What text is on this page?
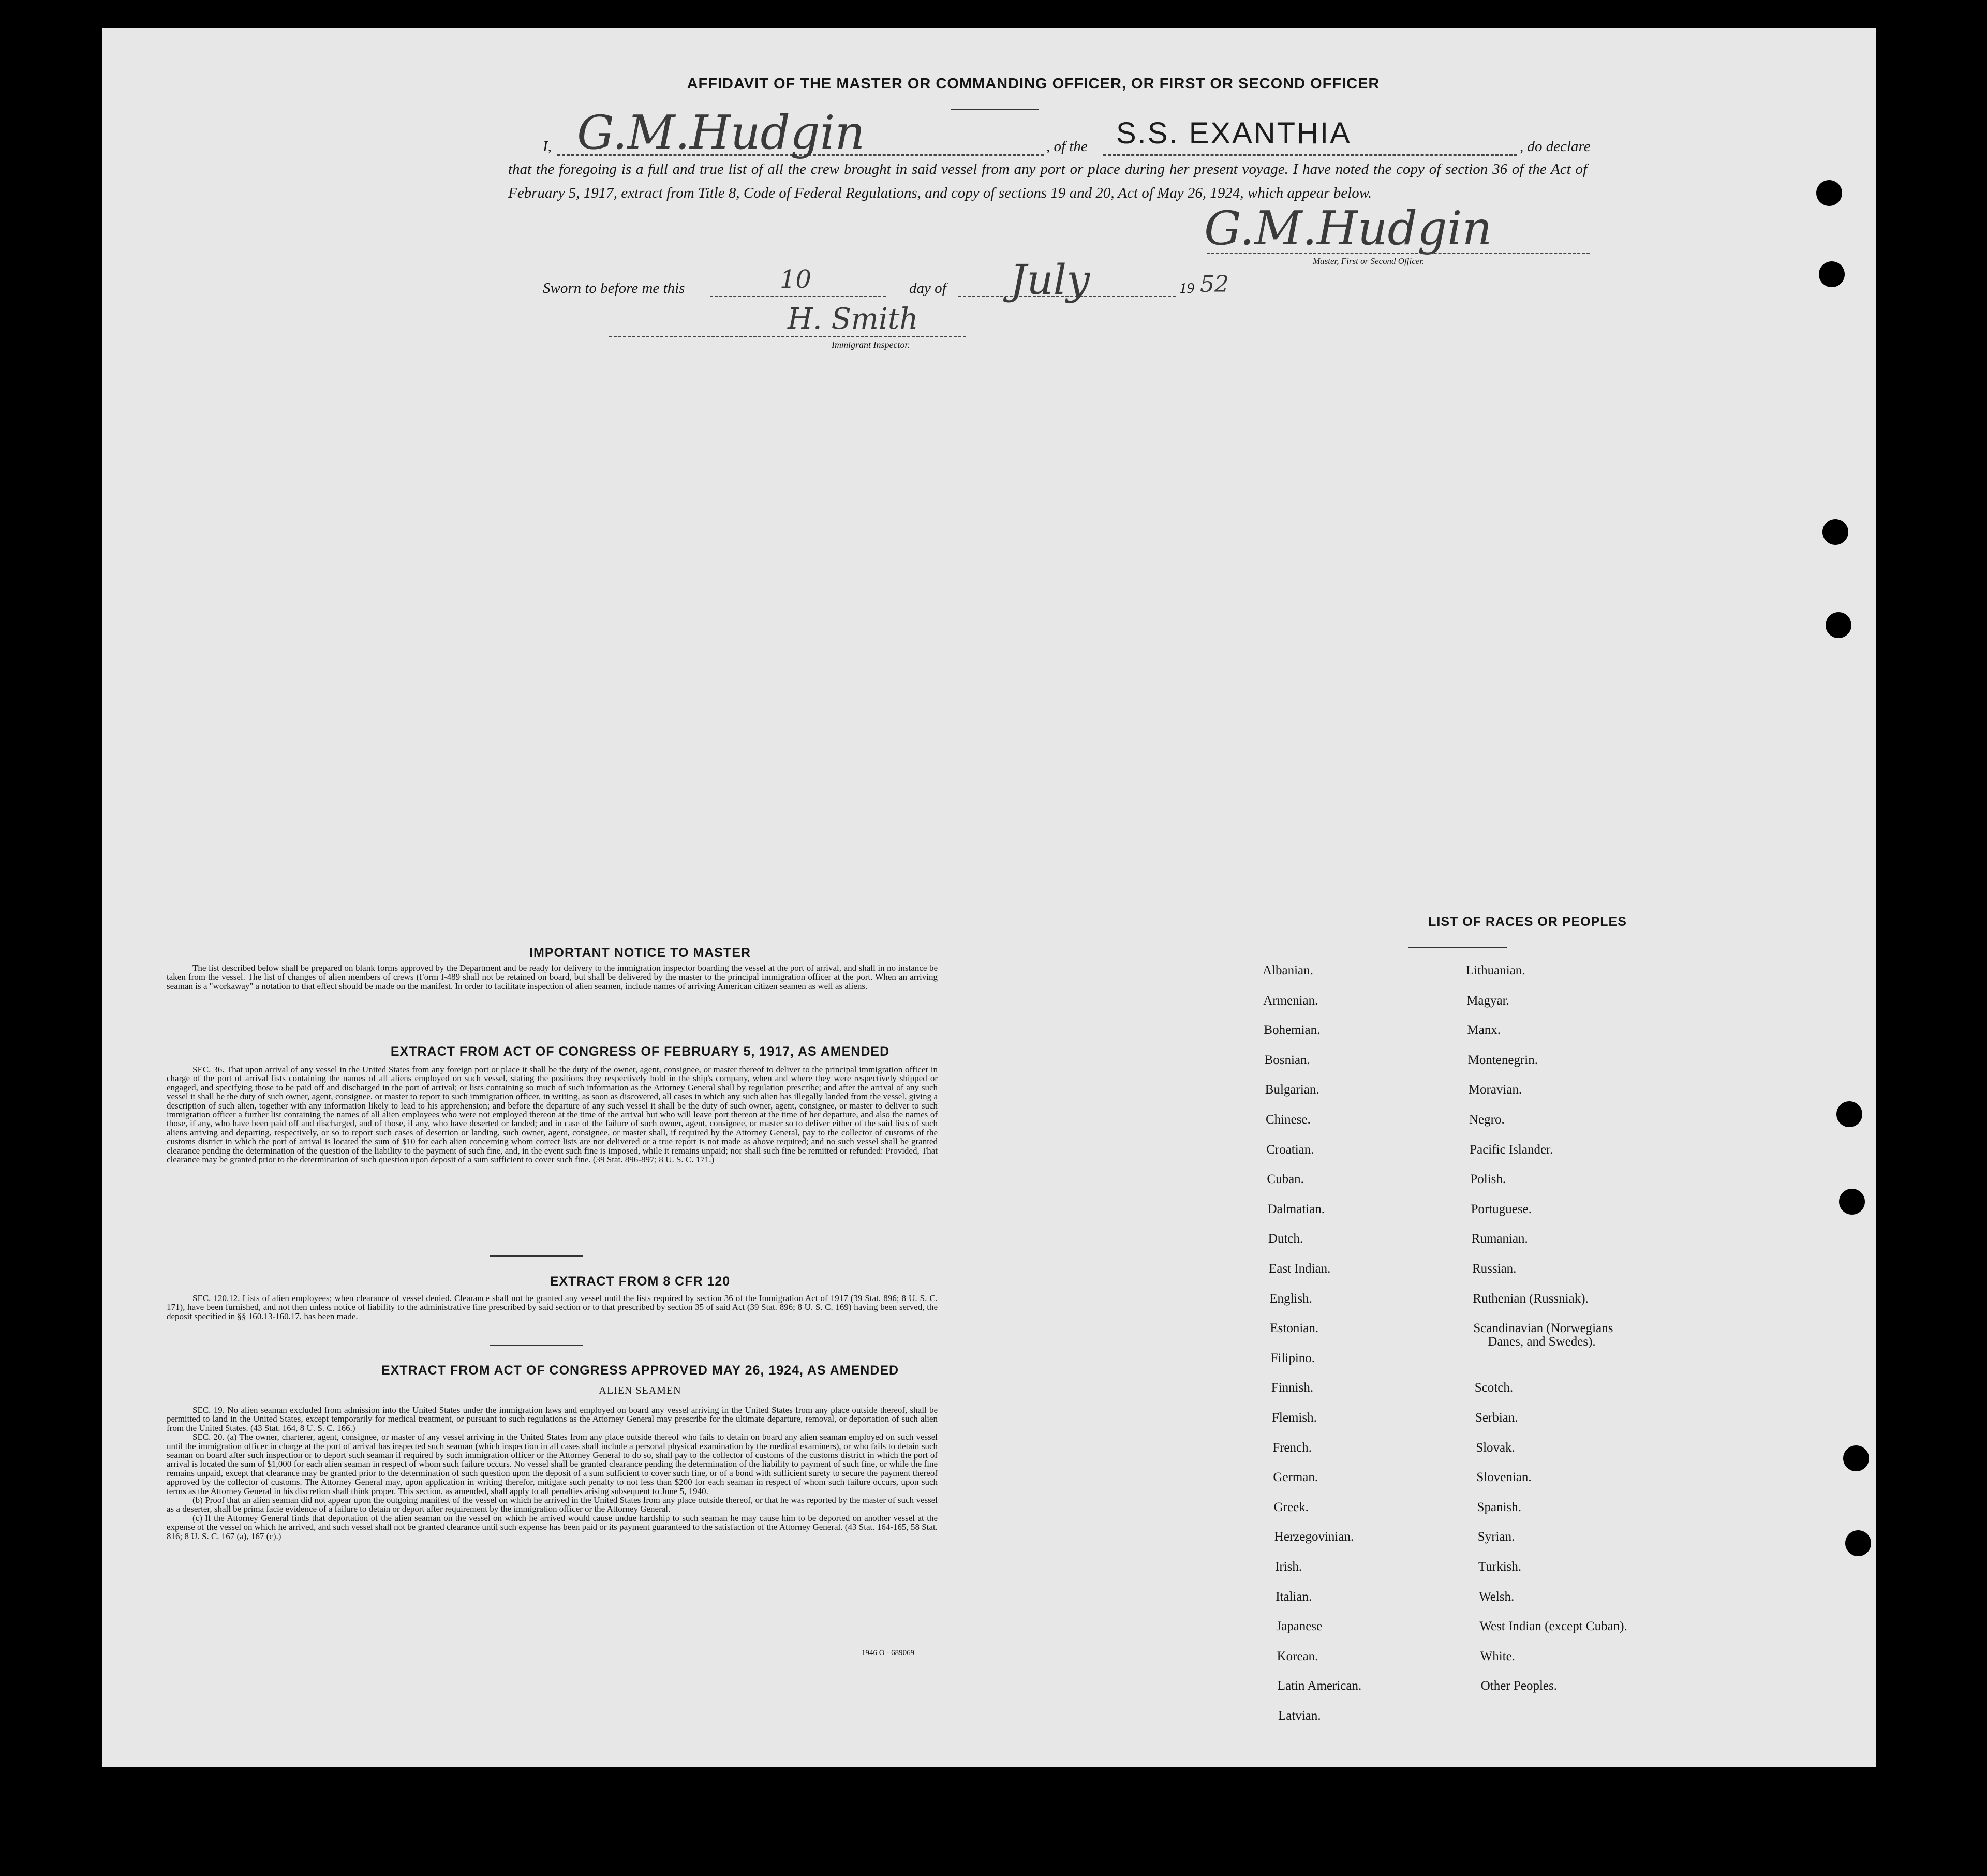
AFFIDAVIT OF THE MASTER OR COMMANDING OFFICER, OR FIRST OR SECOND OFFICER
I, G.M.Hudgin	, of the S.S. EXANTHIA	, do declare
that the foregoing is a full and true list of all the crew brought in said vessel from any port or place during her present voyage. I have noted the copy of section 36 of the Act of February 5, 1917, extract from Title 8, Code of Federal Regulations, and copy of sections 19 and 20, Act of May 26, 1924, which appear below.
G.M.Hudgin
Master, First or Second Officer.
Sworn to before me this	10	day of July	19 52
H. Smith
Immigrant Inspector.
IMPORTANT NOTICE TO MASTER
The list described below shall be prepared on blank forms approved by the Department and be ready for delivery to the immigration inspector boarding the vessel at the port of arrival, and shall in no instance be taken from the vessel. The list of changes of alien members of crews (Form I-489 shall not be retained on board, but shall be delivered by the master to the principal immigration officer at the port. When an arriving seaman is a "workaway" a notation to that effect should be made on the manifest. In order to facilitate inspection of alien seamen, include names of arriving American citizen seamen as well as aliens.
EXTRACT FROM ACT OF CONGRESS OF FEBRUARY 5, 1917, AS AMENDED
SEC. 36. That upon arrival of any vessel in the United States from any foreign port or place it shall be the duty of the owner, agent, consignee, or master thereof to deliver to the principal immigration officer in charge of the port of arrival lists containing the names of all aliens employed on such vessel, stating the positions they respectively hold in the ship's company, when and where they were respectively shipped or engaged, and specifying those to be paid off and discharged in the port of arrival; or lists containing so much of such information as the Attorney General shall by regulation prescribe; and after the arrival of any such vessel it shall be the duty of such owner, agent, consignee, or master to report to such immigration officer, in writing, as soon as discovered, all cases in which any such alien has illegally landed from the vessel, giving a description of such alien, together with any information likely to lead to his apprehension; and before the departure of any such vessel it shall be the duty of such owner, agent, consignee, or master to deliver to such immigration officer a further list containing the names of all alien employees who were not employed thereon at the time of the arrival but who will leave port thereon at the time of her departure, and also the names of those, if any, who have been paid off and discharged, and of those, if any, who have deserted or landed; and in case of the failure of such owner, agent, consignee, or master so to deliver either of the said lists of such aliens arriving and departing, respectively, or so to report such cases of desertion or landing, such owner, agent, consignee, or master shall, if required by the Attorney General, pay to the collector of customs of the customs district in which the port of arrival is located the sum of $10 for each alien concerning whom correct lists are not delivered or a true report is not made as above required; and no such vessel shall be granted clearance pending the determination of the question of the liability to the payment of such fine, and, in the event such fine is imposed, while it remains unpaid; nor shall such fine be remitted or refunded: Provided, That clearance may be granted prior to the determination of such question upon deposit of a sum sufficient to cover such fine. (39 Stat. 896-897; 8 U. S. C. 171.)
EXTRACT FROM 8 CFR 120
SEC. 120.12. Lists of alien employees; when clearance of vessel denied. Clearance shall not be granted any vessel until the lists required by section 36 of the Immigration Act of 1917 (39 Stat. 896; 8 U. S. C. 171), have been furnished, and not then unless notice of liability to the administrative fine prescribed by said section or to that prescribed by section 35 of said Act (39 Stat. 896; 8 U. S. C. 169) having been served, the deposit specified in §§ 160.13-160.17, has been made.
EXTRACT FROM ACT OF CONGRESS APPROVED MAY 26, 1924, AS AMENDED
ALIEN SEAMEN
SEC. 19. No alien seaman excluded from admission into the United States under the immigration laws and employed on board any vessel arriving in the United States from any place outside thereof, shall be permitted to land in the United States, except temporarily for medical treatment, or pursuant to such regulations as the Attorney General may prescribe for the ultimate departure, removal, or deportation of such alien from the United States. (43 Stat. 164, 8 U. S. C. 166.)
SEC. 20. (a) The owner, charterer, agent, consignee, or master of any vessel arriving in the United States from any place outside thereof who fails to detain on board any alien seaman employed on such vessel until the immigration officer in charge at the port of arrival has inspected such seaman (which inspection in all cases shall include a personal physical examination by the medical examiners), or who fails to detain such seaman on board after such inspection or to deport such seaman if required by such immigration officer or the Attorney General to do so, shall pay to the collector of customs of the customs district in which the port of arrival is located the sum of $1,000 for each alien seaman in respect of whom such failure occurs. No vessel shall be granted clearance pending the determination of the liability to payment of such fine, or while the fine remains unpaid, except that clearance may be granted prior to the determination of such question upon the deposit of a sum sufficient to cover such fine, or of a bond with sufficient surety to secure the payment thereof approved by the collector of customs. The Attorney General may, upon application in writing therefor, mitigate such penalty to not less than $200 for each seaman in respect of whom such failure occurs, upon such terms as the Attorney General in his discretion shall think proper. This section, as amended, shall apply to all penalties arising subsequent to June 5, 1940.
(b) Proof that an alien seaman did not appear upon the outgoing manifest of the vessel on which he arrived in the United States from any place outside thereof, or that he was reported by the master of such vessel as a deserter, shall be prima facie evidence of a failure to detain or deport after requirement by the immigration officer or the Attorney General.
(c) If the Attorney General finds that deportation of the alien seaman on the vessel on which he arrived would cause undue hardship to such seaman he may cause him to be deported on another vessel at the expense of the vessel on which he arrived, and such vessel shall not be granted clearance until such expense has been paid or its payment guaranteed to the satisfaction of the Attorney General. (43 Stat. 164-165, 58 Stat. 816; 8 U. S. C. 167 (a), 167 (c).)
1946 O - 689069
LIST OF RACES OR PEOPLES
Albanian.
Armenian.
Bohemian.
Bosnian.
Bulgarian.
Chinese.
Croatian.
Cuban.
Dalmatian.
Dutch.
East Indian.
English.
Estonian.
Filipino.
Finnish.
Flemish.
French.
German.
Greek.
Herzegovinian.
Irish.
Italian.
Japanese
Korean.
Latin American.
Latvian.
Lithuanian.
Magyar.
Manx.
Montenegrin.
Moravian.
Negro.
Pacific Islander.
Polish.
Portuguese.
Rumanian.
Russian.
Ruthenian (Russniak).
Scandinavian (Norwegians
Danes, and Swedes).
Scotch.
Serbian.
Slovak.
Slovenian.
Spanish.
Syrian.
Turkish.
Welsh.
West Indian (except Cuban).
White.
Other Peoples.
